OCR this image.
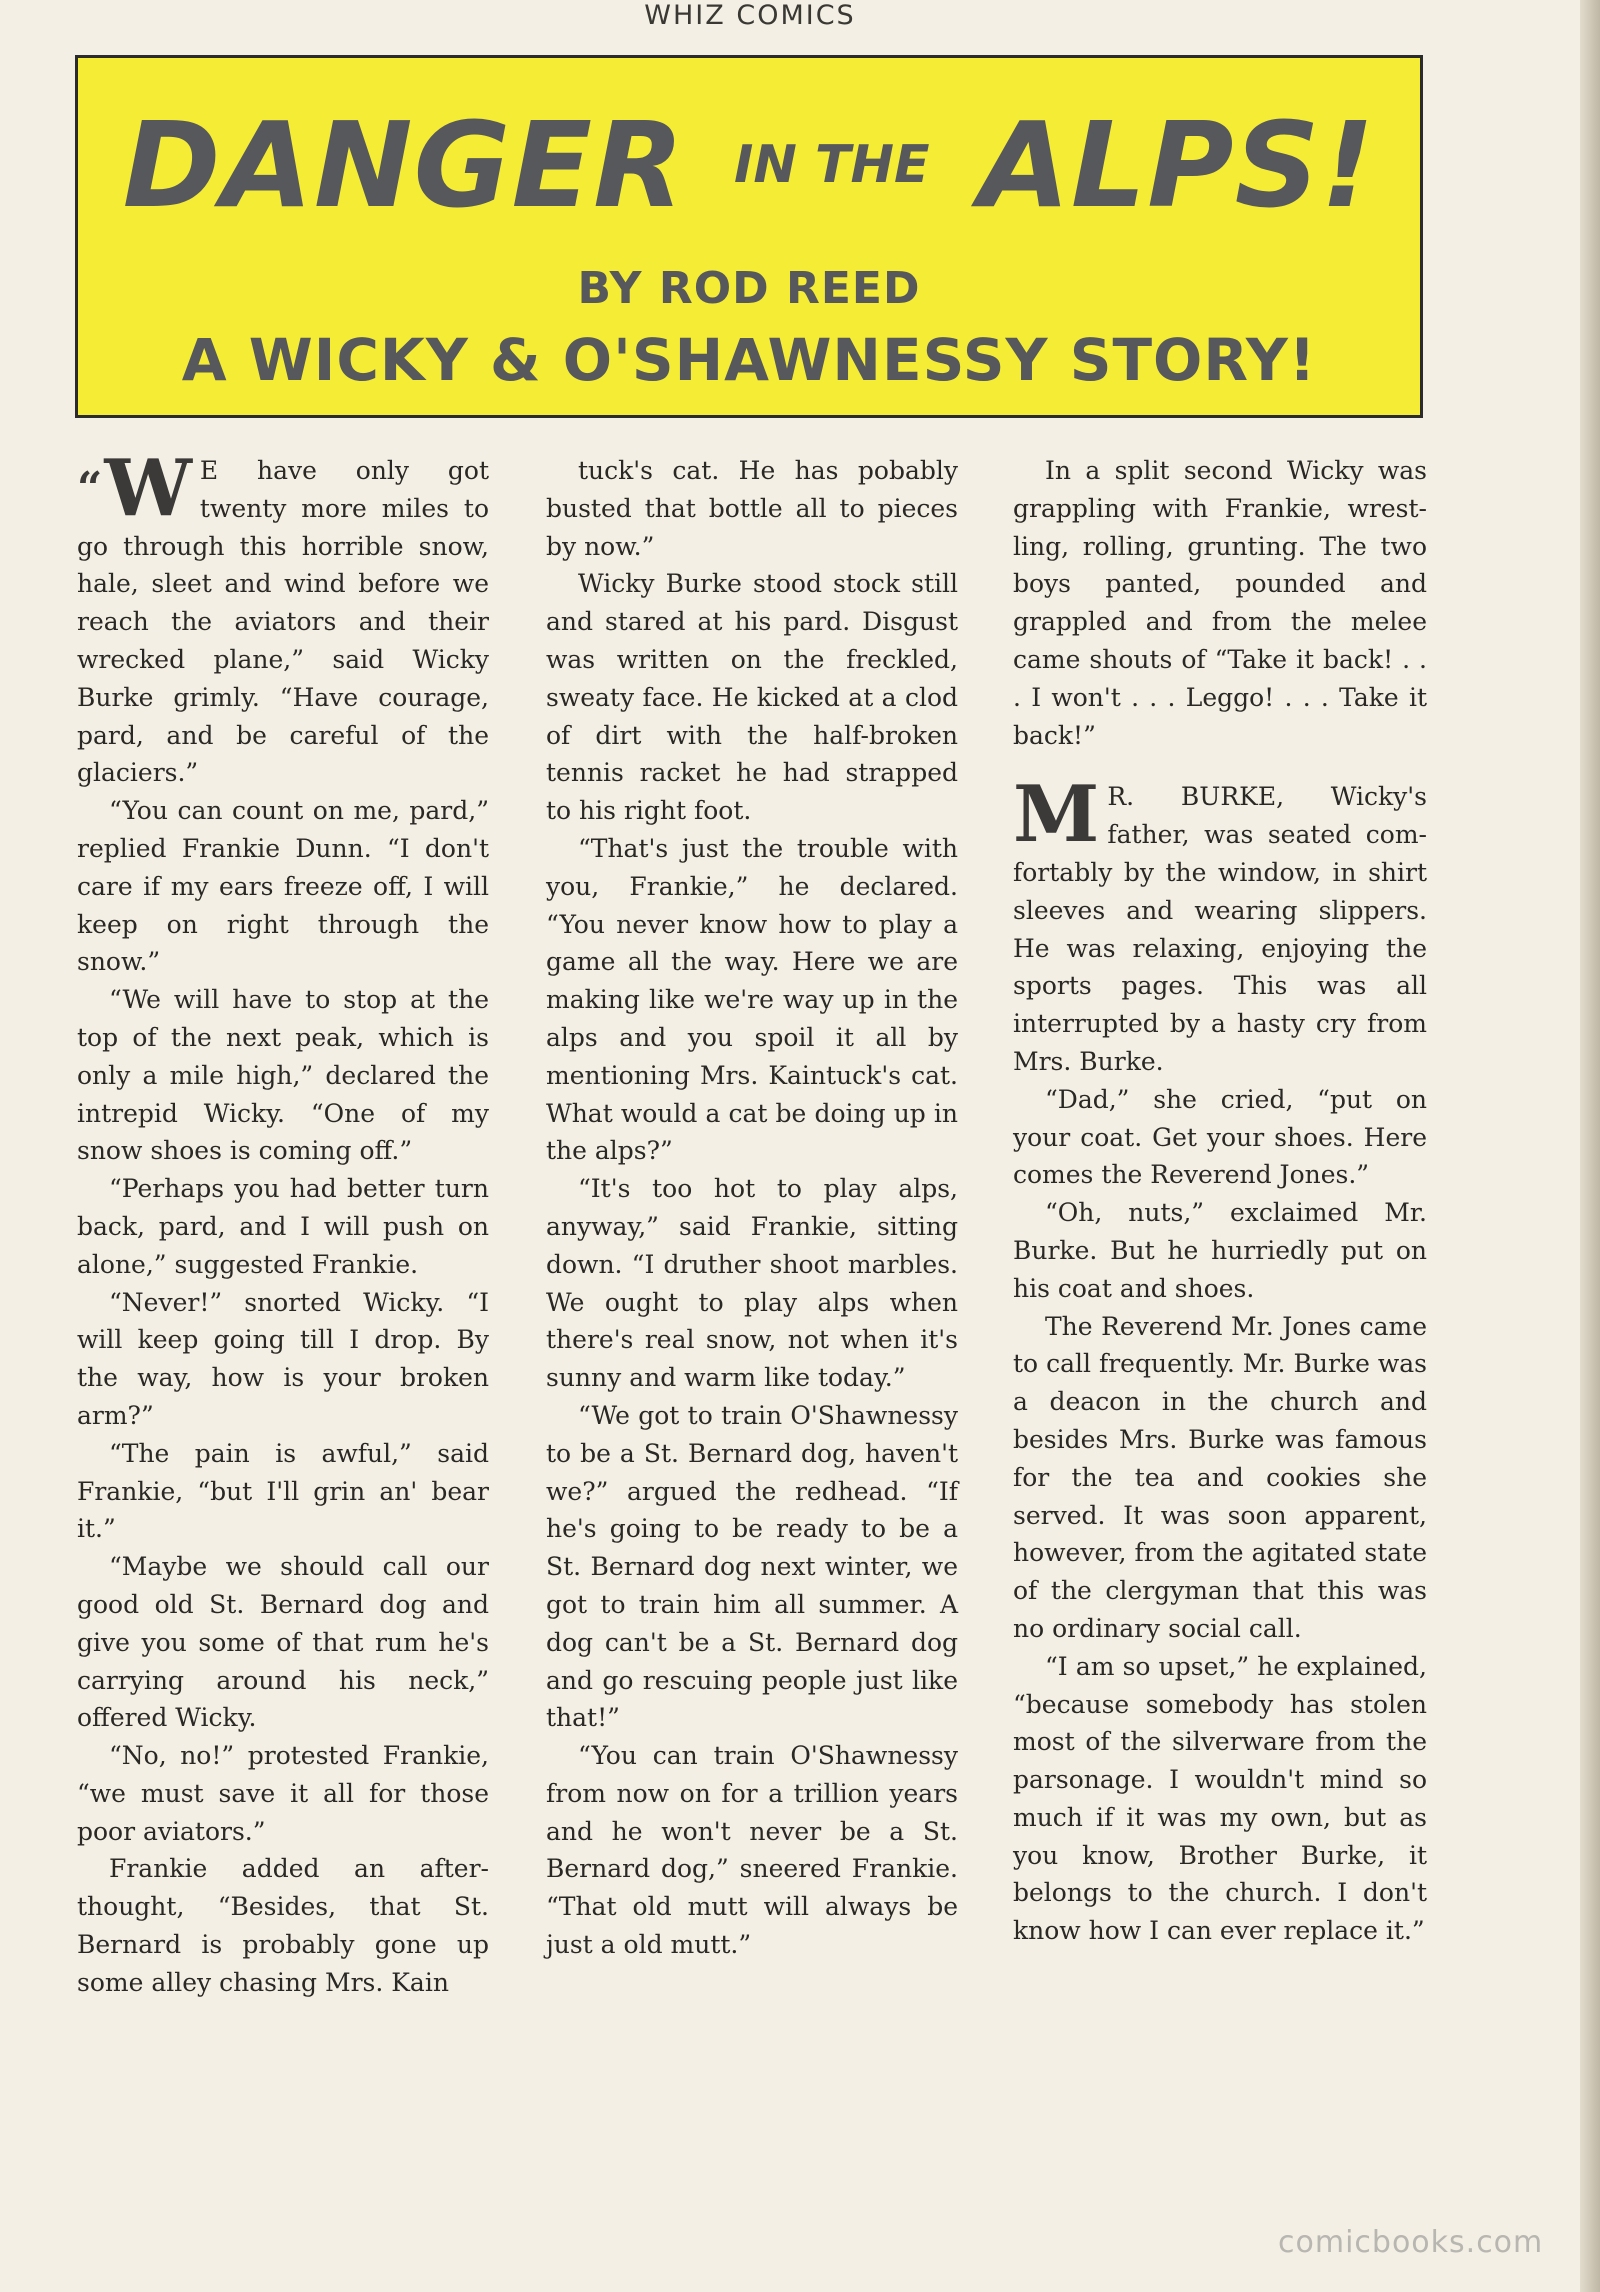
WHIZ COMICS
DANGER IN THE ALPS!
BY ROD REED
A WICKY & O'SHAWNESSY STORY!

“W E have only got twenty more miles to go through this horrible snow, hale, sleet and wind before we reach the aviators and their wrecked plane,” said Wicky Burke grimly. “Have courage, pard, and be careful of the glaciers.”

“You can count on me, pard,” replied Frankie Dunn. “I don't care if my ears freeze off, I will keep on right through the snow.”

“We will have to stop at the top of the next peak, which is only a mile high,” declared the intrepid Wicky. “One of my snow shoes is coming off.”

“Perhaps you had better turn back, pard, and I will push on alone,” suggested Frankie.

“Never!” snorted Wicky. “I will keep going till I drop. By the way, how is your broken arm?”

“The pain is awful,” said Frankie, “but I'll grin an' bear it.”

“Maybe we should call our good old St. Bernard dog and give you some of that rum he's carrying around his neck,” offered Wicky.

“No, no!” protested Frankie, “we must save it all for those poor aviators.”

Frankie added an afterthought, “Besides, that St. Bernard is probably gone up some alley chasing Mrs. Kain

tuck's cat. He has pobably busted that bottle all to pieces by now.”

Wicky Burke stood stock still and stared at his pard. Disgust was written on the freckled, sweaty face. He kicked at a clod of dirt with the half-broken tennis racket he had strapped to his right foot.

“That's just the trouble with you, Frankie,” he declared. “You never know how to play a game all the way. Here we are making like we're way up in the alps and you spoil it all by mentioning Mrs. Kaintuck's cat. What would a cat be doing up in the alps?”

“It's too hot to play alps, anyway,” said Frankie, sitting down. “I druther shoot marbles. We ought to play alps when there's real snow, not when it's sunny and warm like today.”

“We got to train O'Shawnessy to be a St. Bernard dog, haven't we?” argued the redhead. “If he's going to be ready to be a St. Bernard dog next winter, we got to train him all summer. A dog can't be a St. Bernard dog and go rescuing people just like that!”

“You can train O'Shawnessy from now on for a trillion years and he won't never be a St. Bernard dog,” sneered Frankie. “That old mutt will always be just a old mutt.”

In a split second Wicky was grappling with Frankie, wrestling, rolling, grunting. The two boys panted, pounded and grappled and from the melee came shouts of “Take it back! . . . I won't . . . Leggo! . . . Take it back!”

M R. BURKE, Wicky's father, was seated comfortably by the window, in shirt sleeves and wearing slippers. He was relaxing, enjoying the sports pages. This was all interrupted by a hasty cry from Mrs. Burke.

“Dad,” she cried, “put on your coat. Get your shoes. Here comes the Reverend Jones.”

“Oh, nuts,” exclaimed Mr. Burke. But he hurriedly put on his coat and shoes.

The Reverend Mr. Jones came to call frequently. Mr. Burke was a deacon in the church and besides Mrs. Burke was famous for the tea and cookies she served. It was soon apparent, however, from the agitated state of the clergyman that this was no ordinary social call.

“I am so upset,” he explained, “because somebody has stolen most of the silverware from the parsonage. I wouldn't mind so much if it was my own, but as you know, Brother Burke, it belongs to the church. I don't know how I can ever replace it.”

comicbooks.com
